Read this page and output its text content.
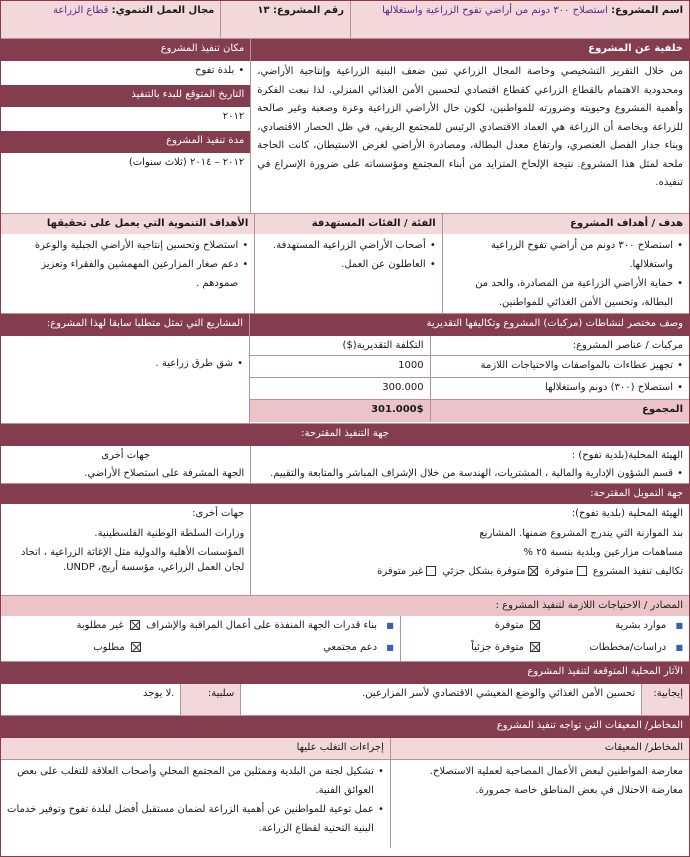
اسم المشروع: استصلاح ٣٠٠ دونم من أراضي تفوح الزراعية واستغلالها
رقم المشروع: ١٣
مجال العمل التنموي: قطاع الزراعة
خلفية عن المشروع
من خلال التقرير التشخيصي وخاصة المجال الزراعي تبين ضعف البنية الزراعية وإنتاجية الأراضي، ومحدودية الاهتمام بالقطاع الزراعي كقطاع اقتصادي لتحسين الأمن الغذائي المنزلي. لذا نبعت الفكرة وأهمية المشروع وحيويته وضرورته للمواطنين، لكون حال الأراضي الزراعية وعرة وصعبة وغير صالحة للزراعة وبخاصة أن الزراعة هي العماد الاقتصادي الرئيس للمجتمع الريفي، في ظل الحصار الاقتصادي، وبناء جدار الفصل العنصري، وارتفاع معدل البطالة، ومصادرة الأراضي لغرض الاستيطان، كانت الحاجة ملحة لمثل هذا المشروع. نتيجة الإلحاح المتزايد من أبناء المجتمع ومؤسساته على ضرورة الإسراع في تنفيذه.
مكان تنفيذ المشروع
• بلدة تفوح
التاريخ المتوقع للبدء بالتنفيذ
٢٠١٢
مدة تنفيذ المشروع
٢٠١٢ – ٢٠١٤ (ثلاث سنوات)
هدف / أهداف المشروع
• استصلاح ٣٠٠ دونم من أراضي تفوح الزراعية واستغلالها.
• حماية الأراضي الزراعية من المصادرة، والحد من البطالة، وتحسين الأمن الغذائي للمواطنين.
الفئة / الفئات المستهدفة
• أصحاب الأراضي الزراعية المستهدفة.
• العاطلون عن العمل.
الأهداف التنموية التي يعمل على تحقيقها
• استصلاح وتحسين إنتاجية الأراضي الجبلية والوعرة
• دعم صغار المزارعين المهمشين والفقراء وتعزيز صمودهم .
وصف مختصر لنشاطات (مركبات) المشروع وتكاليفها التقديرية
مركبات / عناصر المشروع:
التكلفة التقديرية($)
• تجهيز عطاءات بالمواصفات والاحتياجات اللازمة
1000
• استصلاح (٣٠٠) دونم واستغلالها
300.000
المجموع
301.000$
المشاريع التي تمثل متطلبا سابقا لهذا المشروع:
• شق طرق زراعية .
جهة التنفيذ المقترحة:
الهيئة المحلية(بلدية تفوح) :
• قسم الشؤون الإدارية والمالية ، المشتريات، الهندسة من خلال الإشراف المباشر والمتابعة والتقييم.
جهات أخرى
الجهة المشرفة على استصلاح الأراضي.
جهة التمويل المقترحة:
الهيئة المحلية (بلدية تفوح):
بند الموازنة التي يندرج المشروع ضمنها. المشاريع
مساهمات مزارعين وبلدية بنسبة ٢٥ %
تكاليف تنفيذ المشروع متوفرة متوفرة بشكل جزئي غير متوفرة
جهات أخرى:
وزارات السلطة الوطنية الفلسطينية.
المؤسسات الأهلية والدولية مثل الإغاثة الزراعية ، اتحاد لجان العمل الزراعي، مؤسسة أريج، UNDP.
المصادر / الاحتياجات اللازمة لتنفيذ المشروع :
■ موارد بشرية  متوفرة
■ دراسات/مخططات  متوفرة جزئياً
■ بناء قدرات الجهة المنفذة على أعمال المراقبة والإشراف  غير مطلوبة
■ دعم مجتمعي  مطلوب
الآثار المحلية المتوقعة لتنفيذ المشروع
إيجابية:
تحسين الأمن الغذائي والوضع المعيشي الاقتصادي لأسر المزارعين.
سلبية:
.لا يوجد
المخاطر/ المعيقات التي تواجه تنفيذ المشروع
المخاطر/ المعيقات
إجراءات التغلب عليها
معارضة المواطنين لبعض الأعمال المصاحبة لعملية الاستصلاح. معارضة الاحتلال في بعض المناطق خاصة جمرورة.
• تشكيل لجنة من البلدية وممثلين من المجتمع المحلي وأصحاب العلاقة للتغلب على بعض العوائق الفنية.
• عمل توعية للمواطنين عن أهمية الزراعة لضمان مستقبل أفضل لبلدة تفوح وتوفير خدمات البنية التحتية لقطاع الزراعة.
